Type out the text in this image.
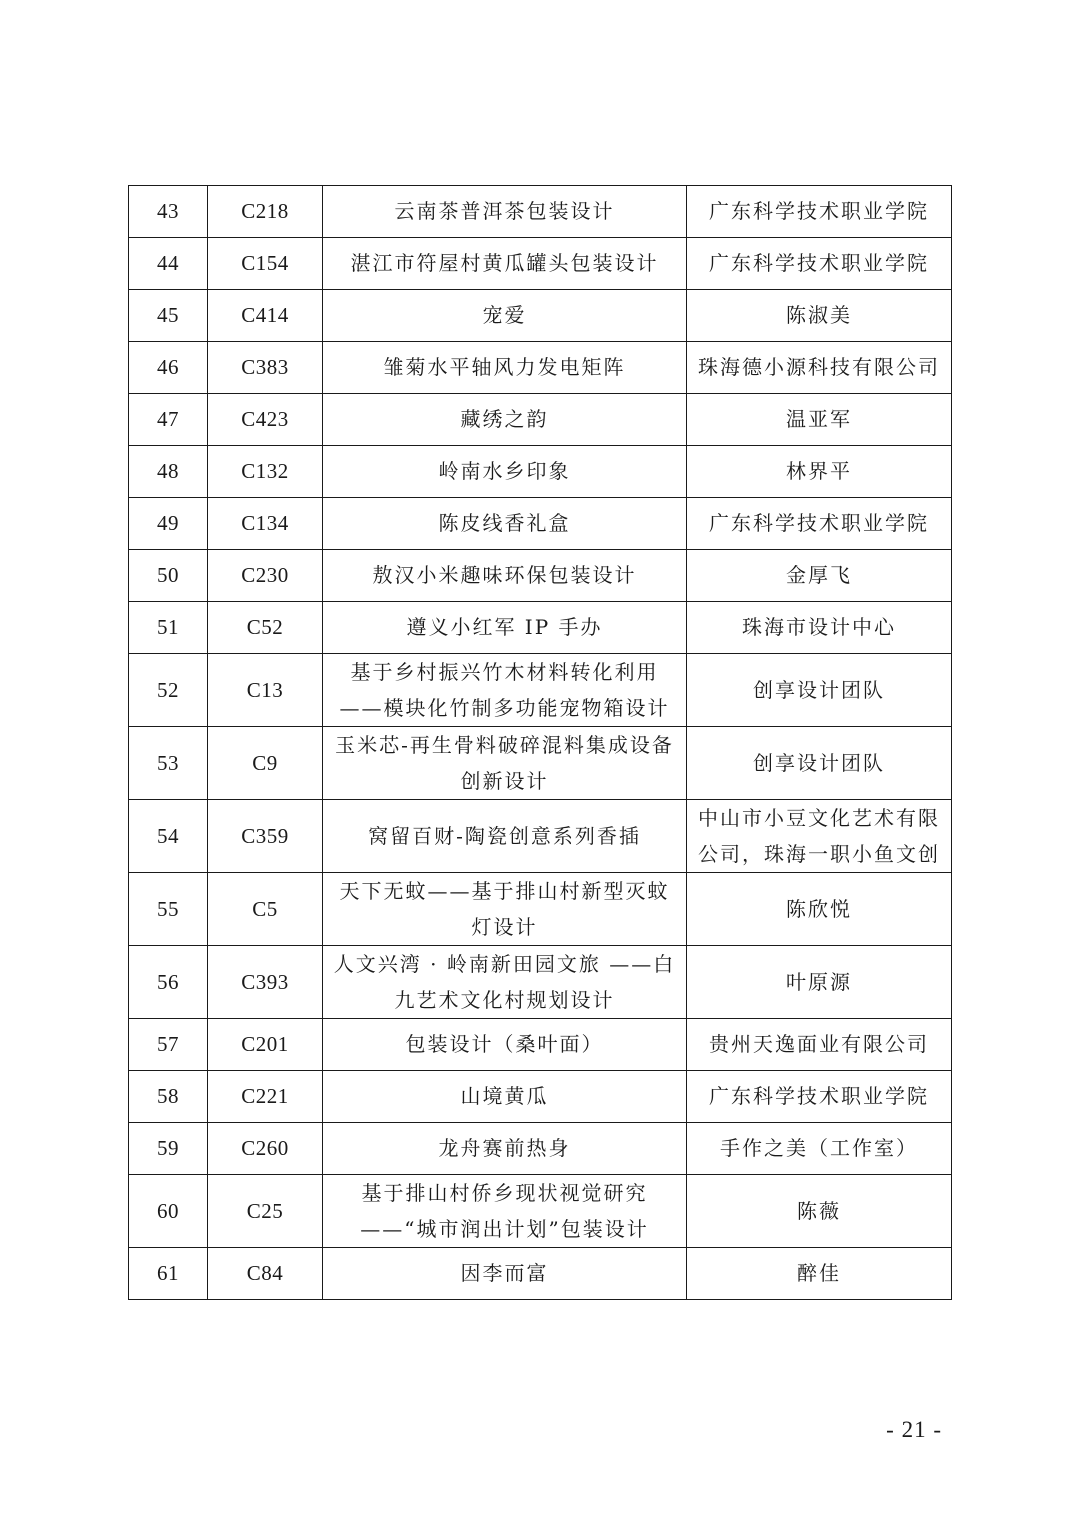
43	C218	云南茶普洱茶包装设计	广东科学技术职业学院
44	C154	湛江市符屋村黄瓜罐头包装设计	广东科学技术职业学院
45	C414	宠爱	陈淑美
46	C383	雏菊水平轴风力发电矩阵	珠海德小源科技有限公司
47	C423	藏绣之韵	温亚军
48	C132	岭南水乡印象	林界平
49	C134	陈皮线香礼盒	广东科学技术职业学院
50	C230	敖汉小米趣味环保包装设计	金厚飞
51	C52	遵义小红军 IP 手办	珠海市设计中心
52	C13	基于乡村振兴竹木材料转化利用——模块化竹制多功能宠物箱设计	创享设计团队
53	C9	玉米芯-再生骨料破碎混料集成设备创新设计	创享设计团队
54	C359	窝留百财-陶瓷创意系列香插	中山市小豆文化艺术有限公司，珠海一职小鱼文创
55	C5	天下无蚊——基于排山村新型灭蚊灯设计	陈欣悦
56	C393	人文兴湾 · 岭南新田园文旅 ——白九艺术文化村规划设计	叶原源
57	C201	包装设计（桑叶面）	贵州天逸面业有限公司
58	C221	山境黄瓜	广东科学技术职业学院
59	C260	龙舟赛前热身	手作之美（工作室）
60	C25	基于排山村侨乡现状视觉研究——“城市润出计划”包装设计	陈薇
61	C84	因李而富	醉佳
- 21 -
